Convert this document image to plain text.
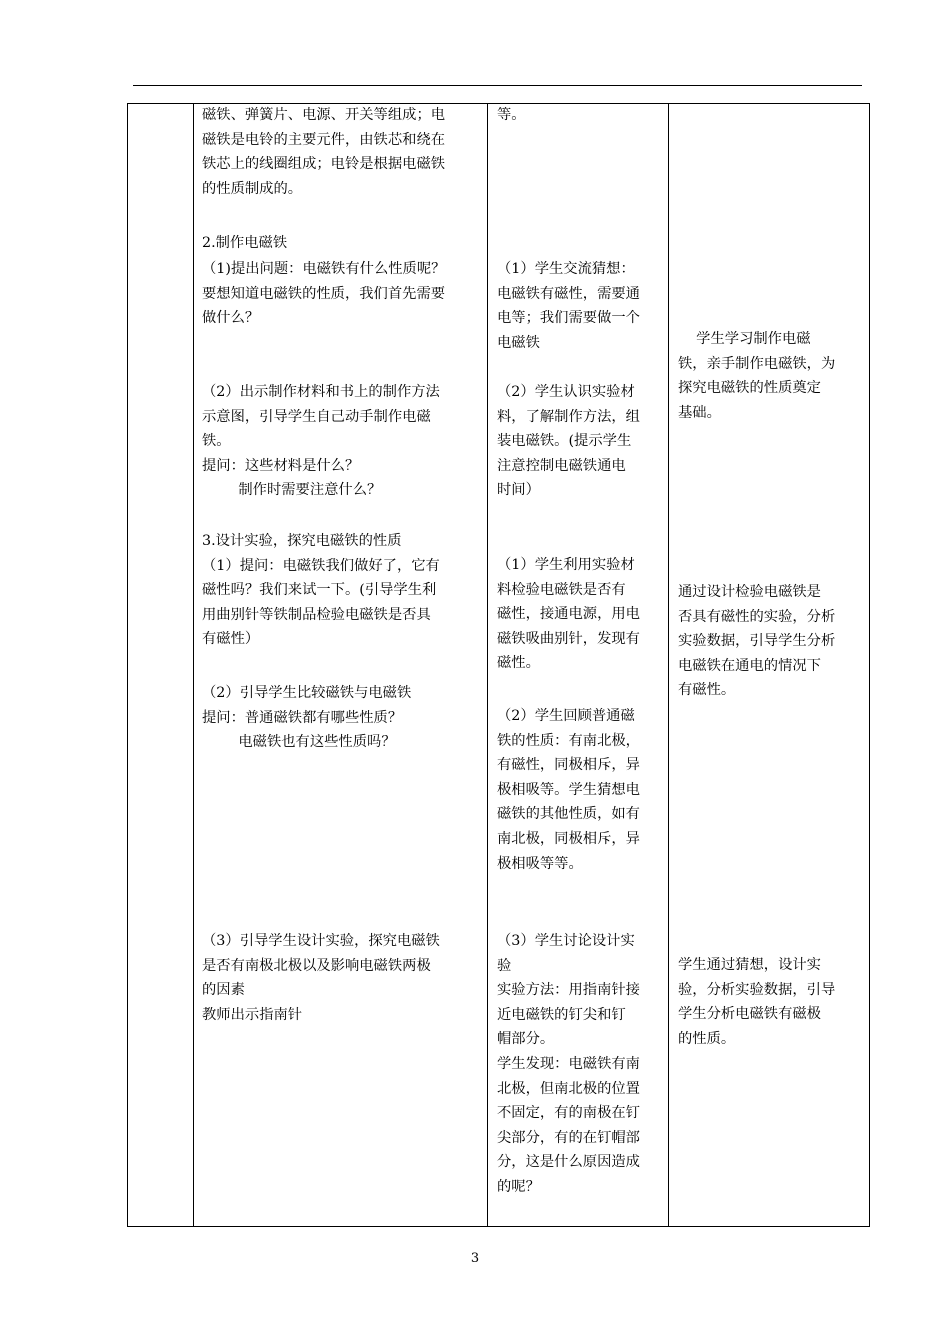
磁铁、弹簧片、电源、开关等组成；电
磁铁是电铃的主要元件，由铁芯和绕在
铁芯上的线圈组成；电铃是根据电磁铁
的性质制成的。
2.制作电磁铁
（1)提出问题：电磁铁有什么性质呢？
要想知道电磁铁的性质，我们首先需要
做什么？
（2）出示制作材料和书上的制作方法
示意图，引导学生自己动手制作电磁
铁。
提问：这些材料是什么？
制作时需要注意什么？
3.设计实验，探究电磁铁的性质
（1）提问：电磁铁我们做好了，它有
磁性吗？我们来试一下。(引导学生利
用曲别针等铁制品检验电磁铁是否具
有磁性）
（2）引导学生比较磁铁与电磁铁
提问：普通磁铁都有哪些性质？
电磁铁也有这些性质吗？
（3）引导学生设计实验，探究电磁铁
是否有南极北极以及影响电磁铁两极
的因素
教师出示指南针
等。
（1）学生交流猜想：
电磁铁有磁性，需要通
电等；我们需要做一个
电磁铁
（2）学生认识实验材
料，了解制作方法，组
装电磁铁。(提示学生
注意控制电磁铁通电
时间）
（1）学生利用实验材
料检验电磁铁是否有
磁性，接通电源，用电
磁铁吸曲别针，发现有
磁性。
（2）学生回顾普通磁
铁的性质：有南北极，
有磁性，同极相斥，异
极相吸等。学生猜想电
磁铁的其他性质，如有
南北极，同极相斥，异
极相吸等等。
（3）学生讨论设计实
验
实验方法：用指南针接
近电磁铁的钉尖和钉
帽部分。
学生发现：电磁铁有南
北极，但南北极的位置
不固定，有的南极在钉
尖部分，有的在钉帽部
分，这是什么原因造成
的呢？
学生学习制作电磁
铁，亲手制作电磁铁，为
探究电磁铁的性质奠定
基础。
通过设计检验电磁铁是
否具有磁性的实验，分析
实验数据，引导学生分析
电磁铁在通电的情况下
有磁性。
学生通过猜想，设计实
验，分析实验数据，引导
学生分析电磁铁有磁极
的性质。
3
